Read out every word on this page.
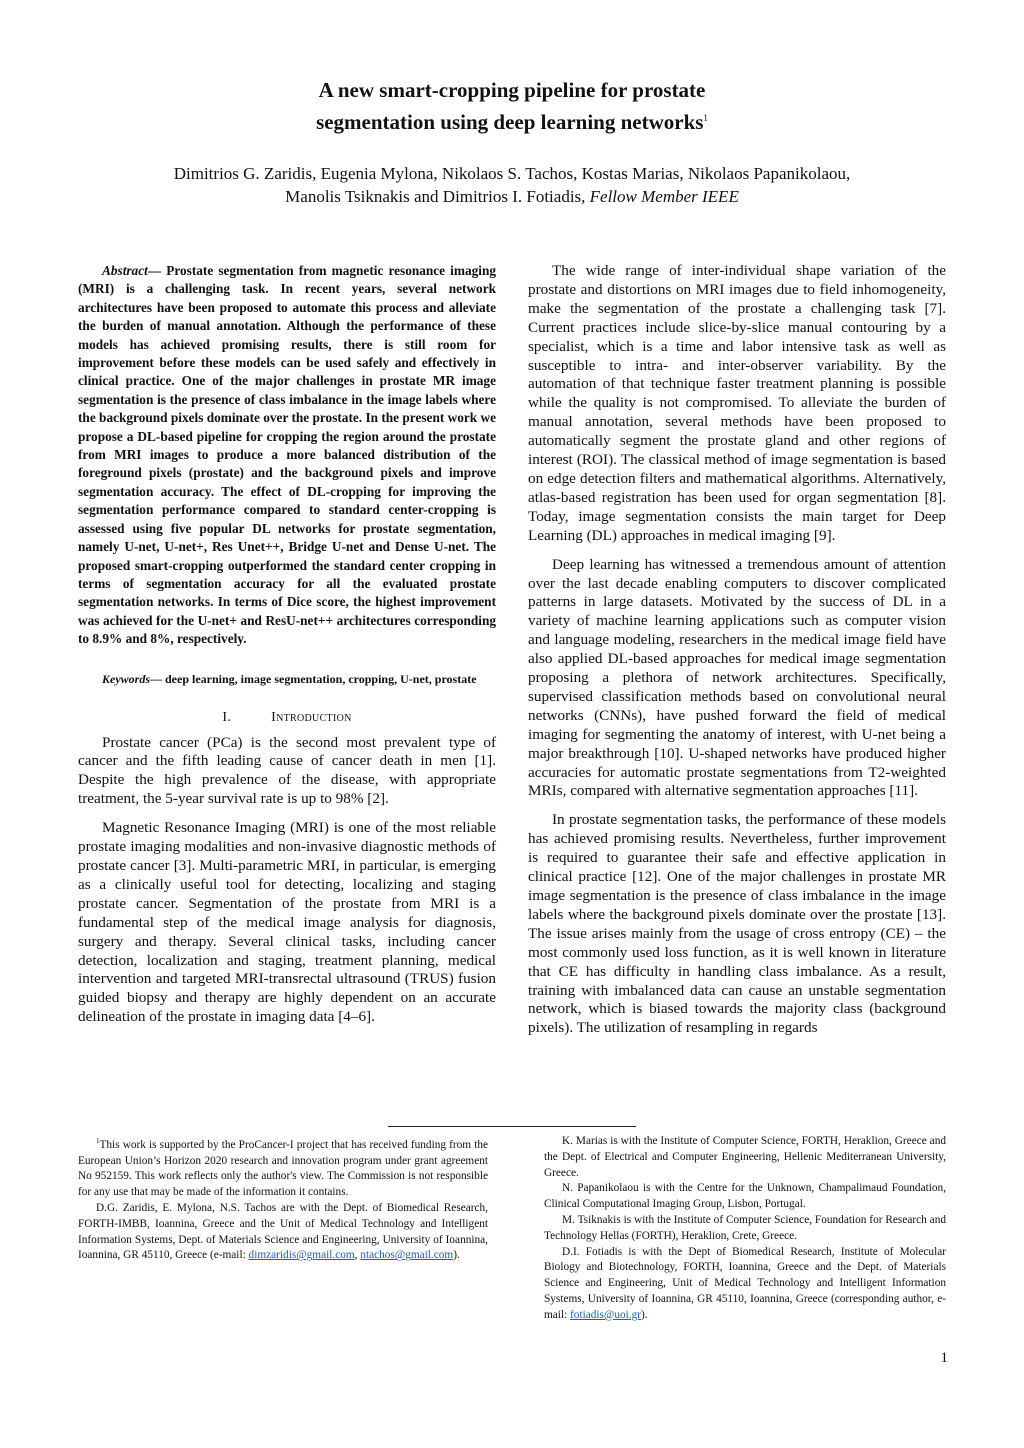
A new smart-cropping pipeline for prostate
segmentation using deep learning networks$^1$
Dimitrios G. Zaridis, Eugenia Mylona, Nikolaos S. Tachos, Kostas Marias, Nikolaos Papanikolaou,
Manolis Tsiknakis and Dimitrios I. Fotiadis, Fellow Member IEEE

Abstract— Prostate segmentation from magnetic resonance imaging (MRI) is a challenging task. In recent years, several network architectures have been proposed to automate this process and alleviate the burden of manual annotation. Although the performance of these models has achieved promising results, there is still room for improvement before these models can be used safely and effectively in clinical practice. One of the major challenges in prostate MR image segmentation is the presence of class imbalance in the image labels where the background pixels dominate over the prostate. In the present work we propose a DL-based pipeline for cropping the region around the prostate from MRI images to produce a more balanced distribution of the foreground pixels (prostate) and the background pixels and improve segmentation accuracy. The effect of DL-cropping for improving the segmentation performance compared to standard center-cropping is assessed using five popular DL networks for prostate segmentation, namely U-net, U-net+, Res Unet++, Bridge U-net and Dense U-net. The proposed smart-cropping outperformed the standard center cropping in terms of segmentation accuracy for all the evaluated prostate segmentation networks. In terms of Dice score, the highest improvement was achieved for the U-net+ and ResU-net++ architectures corresponding to 8.9% and 8%, respectively.

Keywords— deep learning, image segmentation, cropping, U-net, prostate

I.	Introduction

Prostate cancer (PCa) is the second most prevalent type of cancer and the fifth leading cause of cancer death in men [1]. Despite the high prevalence of the disease, with appropriate treatment, the 5-year survival rate is up to 98% [2].

Magnetic Resonance Imaging (MRI) is one of the most reliable prostate imaging modalities and non-invasive diagnostic methods of prostate cancer [3]. Multi-parametric MRI, in particular, is emerging as a clinically useful tool for detecting, localizing and staging prostate cancer. Segmentation of the prostate from MRI is a fundamental step of the medical image analysis for diagnosis, surgery and therapy. Several clinical tasks, including cancer detection, localization and staging, treatment planning, medical intervention and targeted MRI-transrectal ultrasound (TRUS) fusion guided biopsy and therapy are highly dependent on an accurate delineation of the prostate in imaging data [4–6].

The wide range of inter-individual shape variation of the prostate and distortions on MRI images due to field inhomogeneity, make the segmentation of the prostate a challenging task [7]. Current practices include slice-by-slice manual contouring by a specialist, which is a time and labor intensive task as well as susceptible to intra- and inter-observer variability. By the automation of that technique faster treatment planning is possible while the quality is not compromised. To alleviate the burden of manual annotation, several methods have been proposed to automatically segment the prostate gland and other regions of interest (ROI). The classical method of image segmentation is based on edge detection filters and mathematical algorithms. Alternatively, atlas-based registration has been used for organ segmentation [8]. Today, image segmentation consists the main target for Deep Learning (DL) approaches in medical imaging [9].

Deep learning has witnessed a tremendous amount of attention over the last decade enabling computers to discover complicated patterns in large datasets. Motivated by the success of DL in a variety of machine learning applications such as computer vision and language modeling, researchers in the medical image field have also applied DL-based approaches for medical image segmentation proposing a plethora of network architectures. Specifically, supervised classification methods based on convolutional neural networks (CNNs), have pushed forward the field of medical imaging for segmenting the anatomy of interest, with U-net being a major breakthrough [10]. U-shaped networks have produced higher accuracies for automatic prostate segmentations from T2-weighted MRIs, compared with alternative segmentation approaches [11].

In prostate segmentation tasks, the performance of these models has achieved promising results. Nevertheless, further improvement is required to guarantee their safe and effective application in clinical practice [12]. One of the major challenges in prostate MR image segmentation is the presence of class imbalance in the image labels where the background pixels dominate over the prostate [13]. The issue arises mainly from the usage of cross entropy (CE) – the most commonly used loss function, as it is well known in literature that CE has difficulty in handling class imbalance. As a result, training with imbalanced data can cause an unstable segmentation network, which is biased towards the majority class (background pixels). The utilization of resampling in regards

$^1$This work is supported by the ProCancer-I project that has received funding from the European Union’s Horizon 2020 research and innovation program under grant agreement No 952159. This work reflects only the author's view. The Commission is not responsible for any use that may be made of the information it contains.

D.G. Zaridis, E. Mylona, N.S. Tachos are with the Dept. of Biomedical Research, FORTH-IMBB, Ioannina, Greece and the Unit of Medical Technology and Intelligent Information Systems, Dept. of Materials Science and Engineering, University of Ioannina, Ioannina, GR 45110, Greece (e-mail: dimzaridis@gmail.com, ntachos@gmail.com).

K. Marias is with the Institute of Computer Science, FORTH, Heraklion, Greece and the Dept. of Electrical and Computer Engineering, Hellenic Mediterranean University, Greece.

N. Papanikolaou is with the Centre for the Unknown, Champalimaud Foundation, Clinical Computational Imaging Group, Lisbon, Portugal.

M. Tsiknakis is with the Institute of Computer Science, Foundation for Research and Technology Hellas (FORTH), Heraklion, Crete, Greece.

D.I. Fotiadis is with the Dept of Biomedical Research, Institute of Molecular Biology and Biotechnology, FORTH, Ioannina, Greece and the Dept. of Materials Science and Engineering, Unit of Medical Technology and Intelligent Information Systems, University of Ioannina, GR 45110, Ioannina, Greece (corresponding author, e-mail: fotiadis@uoi.gr).

1
